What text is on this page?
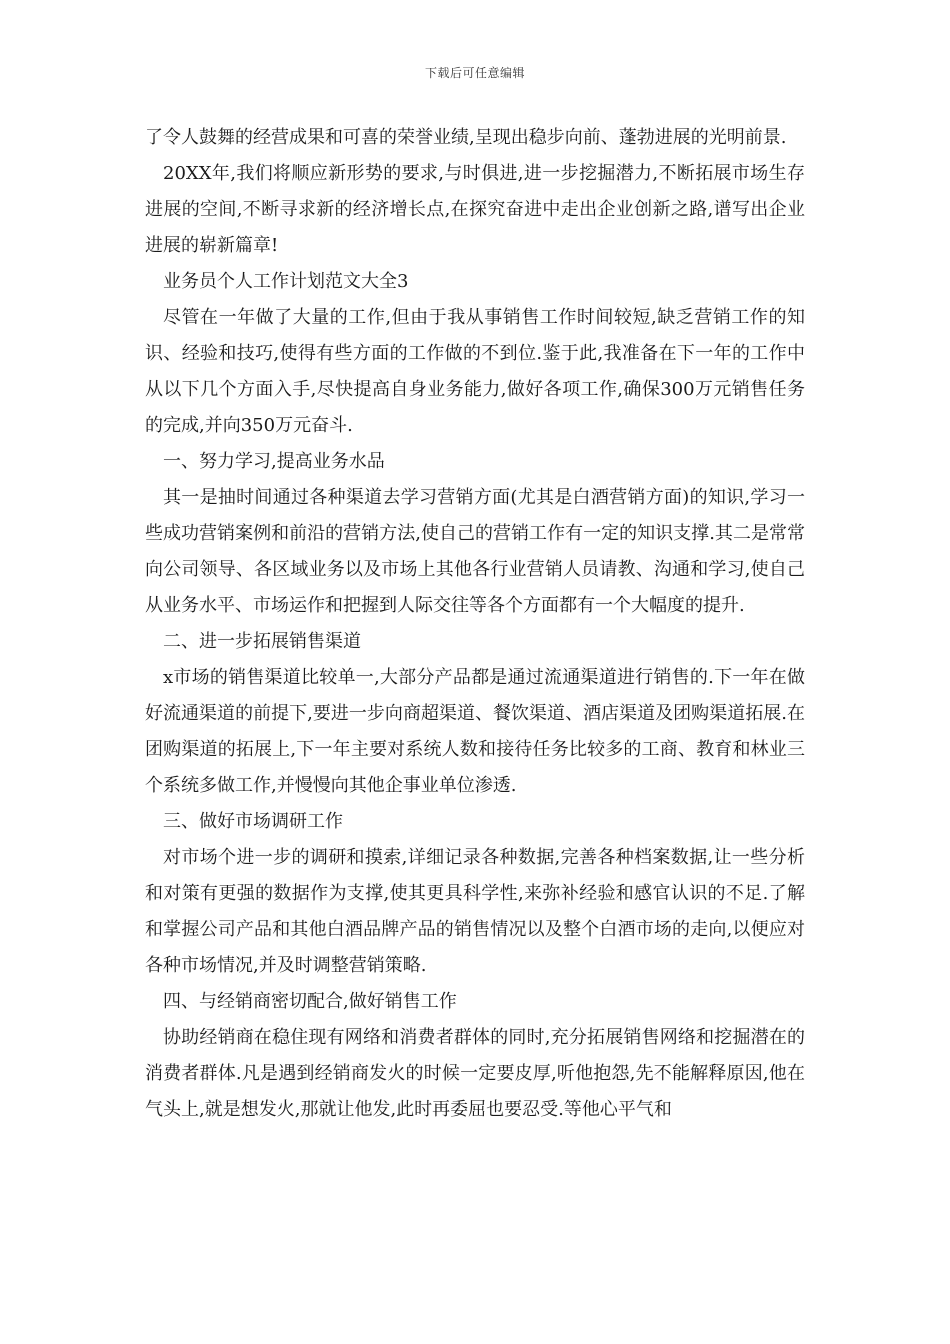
下载后可任意编辑

了令人鼓舞的经营成果和可喜的荣誉业绩,呈现出稳步向前、蓬勃进展的光明前景.

20XX年,我们将顺应新形势的要求,与时俱进,进一步挖掘潜力,不断拓展市场生存进展的空间,不断寻求新的经济增长点,在探究奋进中走出企业创新之路,谱写出企业进展的崭新篇章!

业务员个人工作计划范文大全3

尽管在一年做了大量的工作,但由于我从事销售工作时间较短,缺乏营销工作的知识、经验和技巧,使得有些方面的工作做的不到位.鉴于此,我准备在下一年的工作中从以下几个方面入手,尽快提高自身业务能力,做好各项工作,确保300万元销售任务的完成,并向350万元奋斗.

一、努力学习,提高业务水品

其一是抽时间通过各种渠道去学习营销方面(尤其是白酒营销方面)的知识,学习一些成功营销案例和前沿的营销方法,使自己的营销工作有一定的知识支撑.其二是常常向公司领导、各区域业务以及市场上其他各行业营销人员请教、沟通和学习,使自己从业务水平、市场运作和把握到人际交往等各个方面都有一个大幅度的提升.

二、进一步拓展销售渠道

x市场的销售渠道比较单一,大部分产品都是通过流通渠道进行销售的.下一年在做好流通渠道的前提下,要进一步向商超渠道、餐饮渠道、酒店渠道及团购渠道拓展.在团购渠道的拓展上,下一年主要对系统人数和接待任务比较多的工商、教育和林业三个系统多做工作,并慢慢向其他企事业单位渗透.

三、做好市场调研工作

对市场个进一步的调研和摸索,详细记录各种数据,完善各种档案数据,让一些分析和对策有更强的数据作为支撑,使其更具科学性,来弥补经验和感官认识的不足.了解和掌握公司产品和其他白酒品牌产品的销售情况以及整个白酒市场的走向,以便应对各种市场情况,并及时调整营销策略.

四、与经销商密切配合,做好销售工作

协助经销商在稳住现有网络和消费者群体的同时,充分拓展销售网络和挖掘潜在的消费者群体.凡是遇到经销商发火的时候一定要皮厚,听他抱怨,先不能解释原因,他在气头上,就是想发火,那就让他发,此时再委屈也要忍受.等他心平气和
